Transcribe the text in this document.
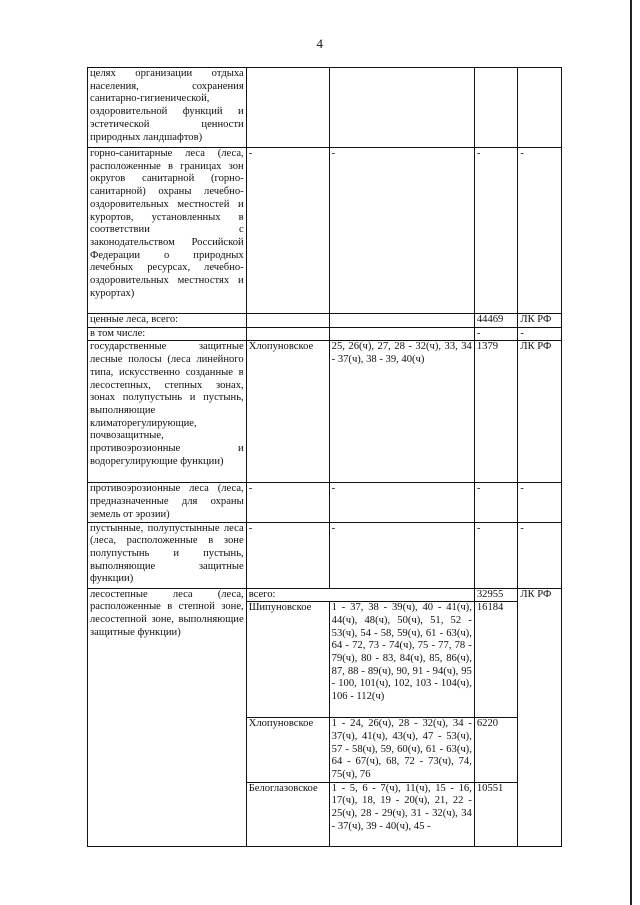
4
целях организации отдыха населения, сохранения санитарно-гигиенической, оздоровительной функций и эстетической ценности природных ландшафтов)				
горно-санитарные леса (леса, расположенные в границах зон округов санитарной (горно-санитарной) охраны лечебно-оздоровительных местностей и курортов, установленных в соответствии с законодательством Российской Федерации о природных лечебных ресурсах, лечебно-оздоровительных местностях и курортах)	-	-	-	-
ценные леса, всего:			44469	ЛК РФ
в том числе:			-	-
государственные защитные лесные полосы (леса линейного типа, искусственно созданные в лесостепных, степных зонах, зонах полупустынь и пустынь, выполняющие климаторегулирующие, почвозащитные, противоэрозионные и водорегулирующие функции)	Хлопуновское	25, 26(ч), 27, 28 - 32(ч), 33, 34 - 37(ч), 38 - 39, 40(ч)	1379	ЛК РФ
противоэрозионные леса (леса, предназначенные для охраны земель от эрозии)	-	-	-	-
пустынные, полупустынные леса (леса, расположенные в зоне полупустынь и пустынь, выполняющие защитные функции)	-	-	-	-
лесостепные леса (леса, расположенные в степной зоне, лесостепной зоне, выполняющие защитные функции)	всего:		32955	ЛК РФ
	Шипуновское	1 - 37, 38 - 39(ч), 40 - 41(ч), 44(ч), 48(ч), 50(ч), 51, 52 - 53(ч), 54 - 58, 59(ч), 61 - 63(ч), 64 - 72, 73 - 74(ч), 75 - 77, 78 - 79(ч), 80 - 83, 84(ч), 85, 86(ч), 87, 88 - 89(ч), 90, 91 - 94(ч), 95 - 100, 101(ч), 102, 103 - 104(ч), 106 - 112(ч)	16184	
	Хлопуновское	1 - 24, 26(ч), 28 - 32(ч), 34 - 37(ч), 41(ч), 43(ч), 47 - 53(ч), 57 - 58(ч), 59, 60(ч), 61 - 63(ч), 64 - 67(ч), 68, 72 - 73(ч), 74, 75(ч), 76	6220	
	Белоглазовское	1 - 5, 6 - 7(ч), 11(ч), 15 - 16, 17(ч), 18, 19 - 20(ч), 21, 22 - 25(ч), 28 - 29(ч), 31 - 32(ч), 34 - 37(ч), 39 - 40(ч), 45 -	10551	
